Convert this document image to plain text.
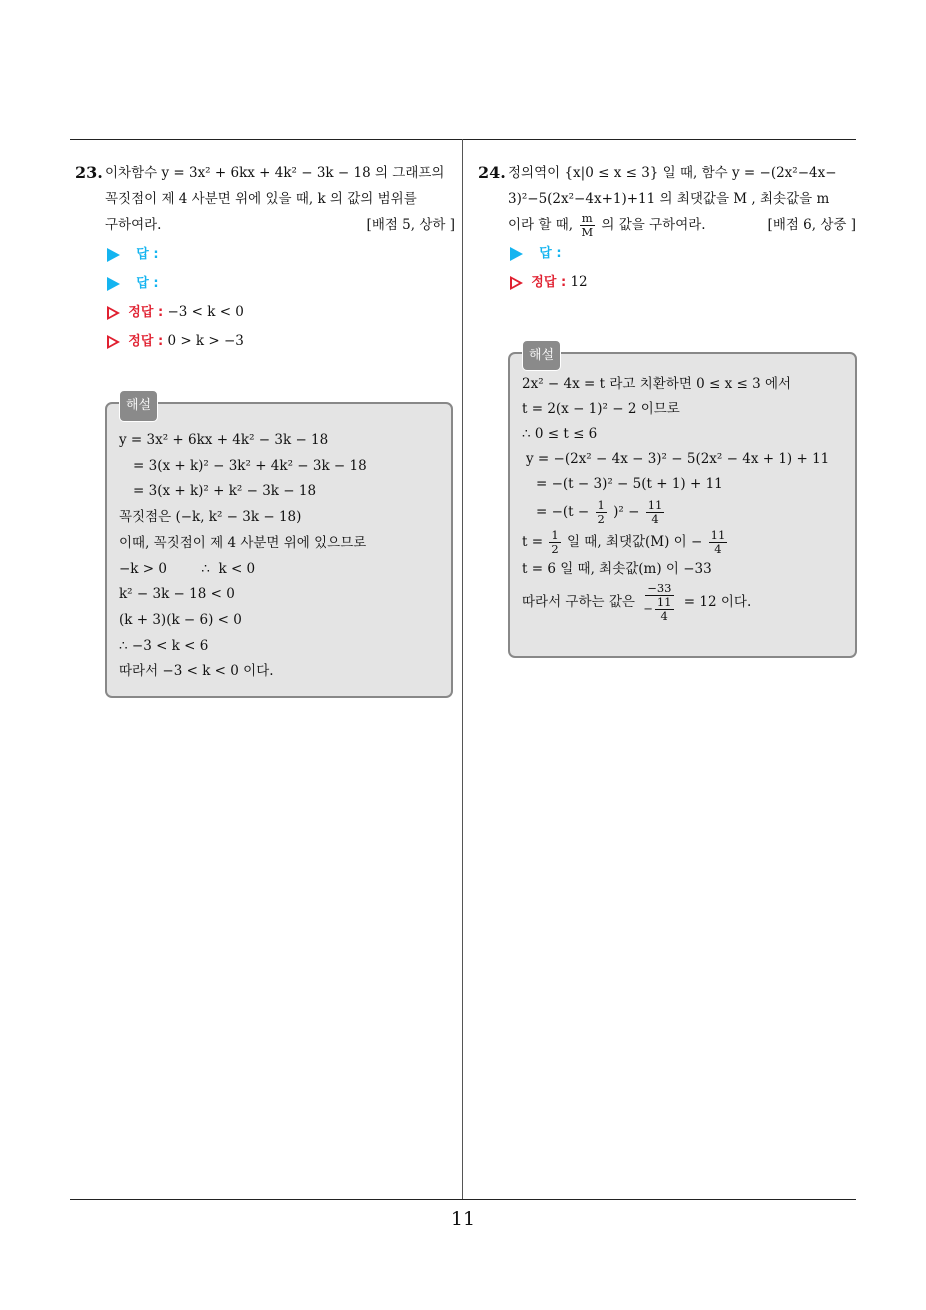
11
23. 이차함수 y = 3x² + 6kx + 4k² − 3k − 18 의 그래프의
꼭짓점이 제 4 사분면 위에 있을 때, k 의 값의 범위를
구하여라.	[배점 5, 상하 ]
답 :
답 :
정답 : −3 < k < 0
정답 : 0 > k > −3
해설
y = 3x² + 6kx + 4k² − 3k − 18
= 3(x + k)² − 3k² + 4k² − 3k − 18
= 3(x + k)² + k² − 3k − 18
꼭짓점은 (−k, k² − 3k − 18)
이때, 꼭짓점이 제 4 사분면 위에 있으므로
−k > 0        ∴  k < 0
k² − 3k − 18 < 0
(k + 3)(k − 6) < 0
∴ −3 < k < 6
따라서 −3 < k < 0 이다.
24. 정의역이 {x|0 ≤ x ≤ 3} 일 때, 함수 y = −(2x²−4x−
3)²−5(2x²−4x+1)+11 의 최댓값을 M , 최솟값을 m
이라 할 때, $\frac{m}{M}$ 의 값을 구하여라.	[배점 6, 상중 ]
답 :
정답 : 12
해설
2x² − 4x = t 라고 치환하면 0 ≤ x ≤ 3 에서
t = 2(x − 1)² − 2 이므로
∴ 0 ≤ t ≤ 6
y = −(2x² − 4x − 3)² − 5(2x² − 4x + 1) + 11
= −(t − 3)² − 5(t + 1) + 11
= $-(t - \frac{1}{2} )^2 - \frac{11}{4}$
$t = \frac{1}{2}$ 일 때, 최댓값(M) 이 − $\frac{11}{4}$
t = 6 일 때, 최솟값(m) 이 −33
따라서 구하는 값은 $\frac{-33}{- \frac{11}{4}} = 12$ 이다.
